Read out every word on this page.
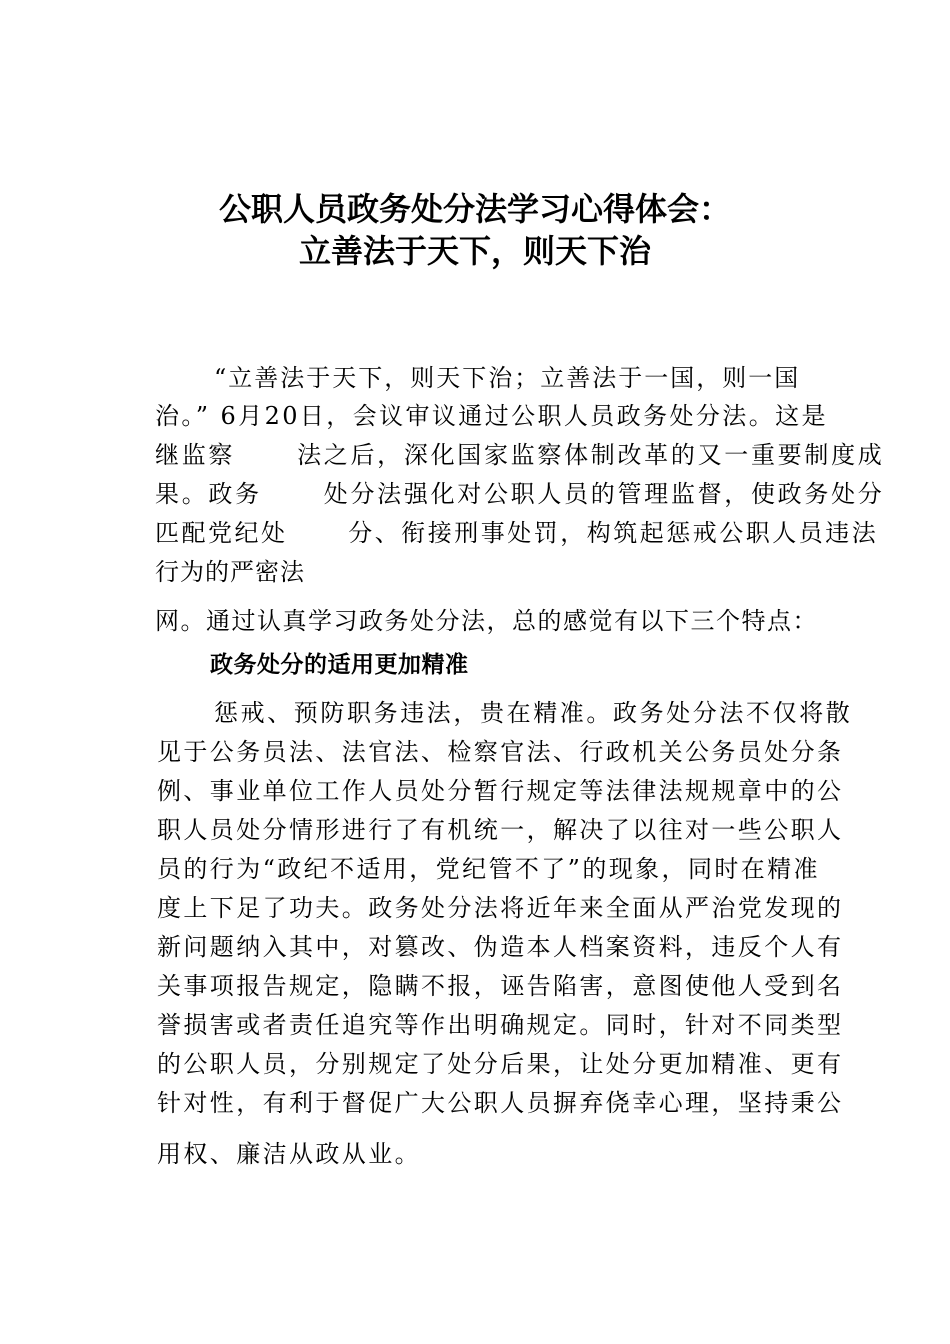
公职人员政务处分法学习心得体会：
立善法于天下，则天下治
“立善法于天下，则天下治；立善法于一国，则一国
治。” 6月20日，会议审议通过公职人员政务处分法。这是
继监察      法之后，深化国家监察体制改革的又一重要制度成
果。政务      处分法强化对公职人员的管理监督，使政务处分
匹配党纪处      分、衔接刑事处罚，构筑起惩戒公职人员违法
行为的严密法
网。通过认真学习政务处分法，总的感觉有以下三个特点：
政务处分的适用更加精准
惩戒、预防职务违法，贵在精准。政务处分法不仅将散
见于公务员法、法官法、检察官法、行政机关公务员处分条
例、事业单位工作人员处分暂行规定等法律法规规章中的公
职人员处分情形进行了有机统一，解决了以往对一些公职人
员的行为“政纪不适用，党纪管不了”的现象，同时在精准
度上下足了功夫。政务处分法将近年来全面从严治党发现的
新问题纳入其中，对篡改、伪造本人档案资料，违反个人有
关事项报告规定，隐瞒不报，诬告陷害，意图使他人受到名
誉损害或者责任追究等作出明确规定。同时，针对不同类型
的公职人员，分别规定了处分后果，让处分更加精准、更有
针对性，有利于督促广大公职人员摒弃侥幸心理，坚持秉公
用权、廉洁从政从业。
